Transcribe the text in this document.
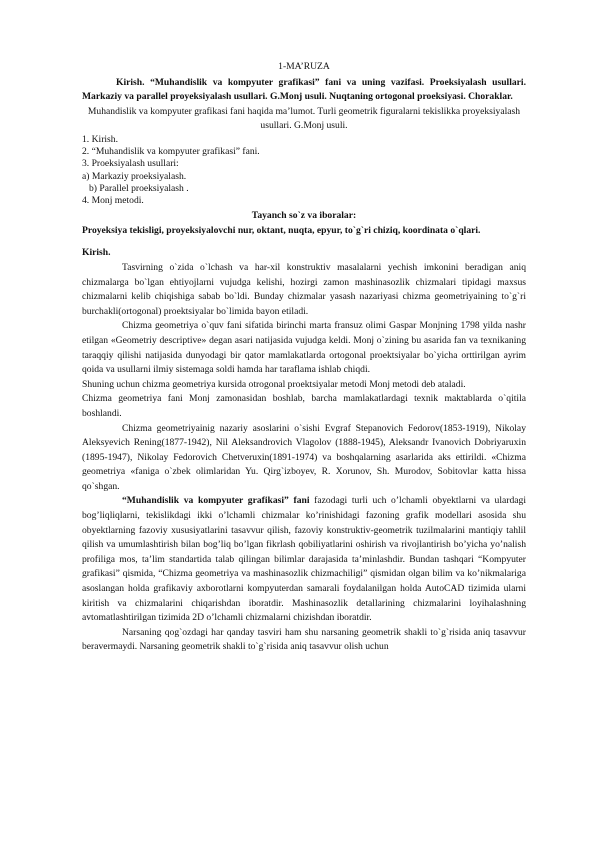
1-MA’RUZA

Kirish. “Muhandislik va kompyuter grafikasi” fani va uning vazifasi. Proeksiyalash usullari. Markaziy va parallel proyeksiyalash usullari. G.Monj usuli. Nuqtaning ortogonal proeksiyasi. Choraklar.

Muhandislik va kompyuter grafikasi fani haqida ma’lumot. Turli geometrik figuralarni tekislikka proyeksiyalash usullari. G.Monj usuli.

1. Kirish.
2. “Muhandislik va kompyuter grafikasi” fani.
3. Proeksiyalash usullari:
a) Markaziy proeksiyalash.
b) Parallel proeksiyalash .
4. Monj metodi.
Tayanch so`z va iboralar:
Proyeksiya tekisligi, proyeksiyalovchi nur, oktant, nuqta, epyur, to`g`ri chiziq, koordinata o`qlari.
Kirish.

Tasvirning o`zida o`lchash va har-xil konstruktiv masalalarni yechish imkonini beradigan aniq chizmalarga bo`lgan ehtiyojlarni vujudga kelishi, hozirgi zamon mashinasozlik chizmalari tipidagi maxsus chizmalarni kelib chiqishiga sabab bo`ldi. Bunday chizmalar yasash nazariyasi chizma geometriyaining to`g`ri burchakli(ortogonal) proektsiyalar bo`limida bayon etiladi.

Chizma geometriya o`quv fani sifatida birinchi marta fransuz olimi Gaspar Monjning 1798 yilda nashr etilgan «Geometriy descriptive» degan asari natijasida vujudga keldi. Monj o`zining bu asarida fan va texnikaning taraqqiy qilishi natijasida dunyodagi bir qator mamlakatlarda ortogonal proektsiyalar bo`yicha orttirilgan ayrim qoida va usullarni ilmiy sistemaga soldi hamda har taraflama ishlab chiqdi.

Shuning uchun chizma geometriya kursida otrogonal proektsiyalar metodi Monj metodi deb ataladi.

Chizma geometriya fani Monj zamonasidan boshlab, barcha mamlakatlardagi texnik maktablarda o`qitila boshlandi.

Chizma geometriyainig nazariy asoslarini o`sishi Evgraf Stepanovich Fedorov(1853-1919), Nikolay Aleksyevich Rening(1877-1942), Nil Aleksandrovich Vlagolov (1888-1945), Aleksandr Ivanovich Dobriyaruxin (1895-1947), Nikolay Fedorovich Chetveruxin(1891-1974) va boshqalarning asarlarida aks ettirildi. «Chizma geometriya «faniga o`zbek olimlaridan Yu. Qirg`izboyev, R. Xorunov, Sh. Murodov, Sobitovlar katta hissa qo`shgan.

“Muhandislik va kompyuter grafikasi” fani fazodagi turli uch o’lchamli obyektlarni va ulardagi bog’liqliqlarni, tekislikdagi ikki o’lchamli chizmalar ko’rinishidagi fazoning grafik modellari asosida shu obyektlarning fazoviy xususiyatlarini tasavvur qilish, fazoviy konstruktiv-geometrik tuzilmalarini mantiqiy tahlil qilish va umumlashtirish bilan bog’liq bo’lgan fikrlash qobiliyatlarini oshirish va rivojlantirish bo’yicha yo’nalish profiliga mos, ta’lim standartida talab qilingan bilimlar darajasida ta’minlashdir. Bundan tashqari “Kompyuter grafikasi” qismida, “Chizma geometriya va mashinasozlik chizmachiligi” qismidan olgan bilim va ko’nikmalariga asoslangan holda grafikaviy axborotlarni kompyuterdan samarali foydalanilgan holda AutoCAD tizimida ularni kiritish va chizmalarini chiqarishdan iboratdir. Mashinasozlik detallarining chizmalarini loyihalashning avtomatlashtirilgan tizimida 2D o’lchamli chizmalarni chizishdan iboratdir.

Narsaning qog`ozdagi har qanday tasviri ham shu narsaning geometrik shakli to`g`risida aniq tasavvur beravermaydi. Narsaning geometrik shakli to`g`risida aniq tasavvur olish uchun
